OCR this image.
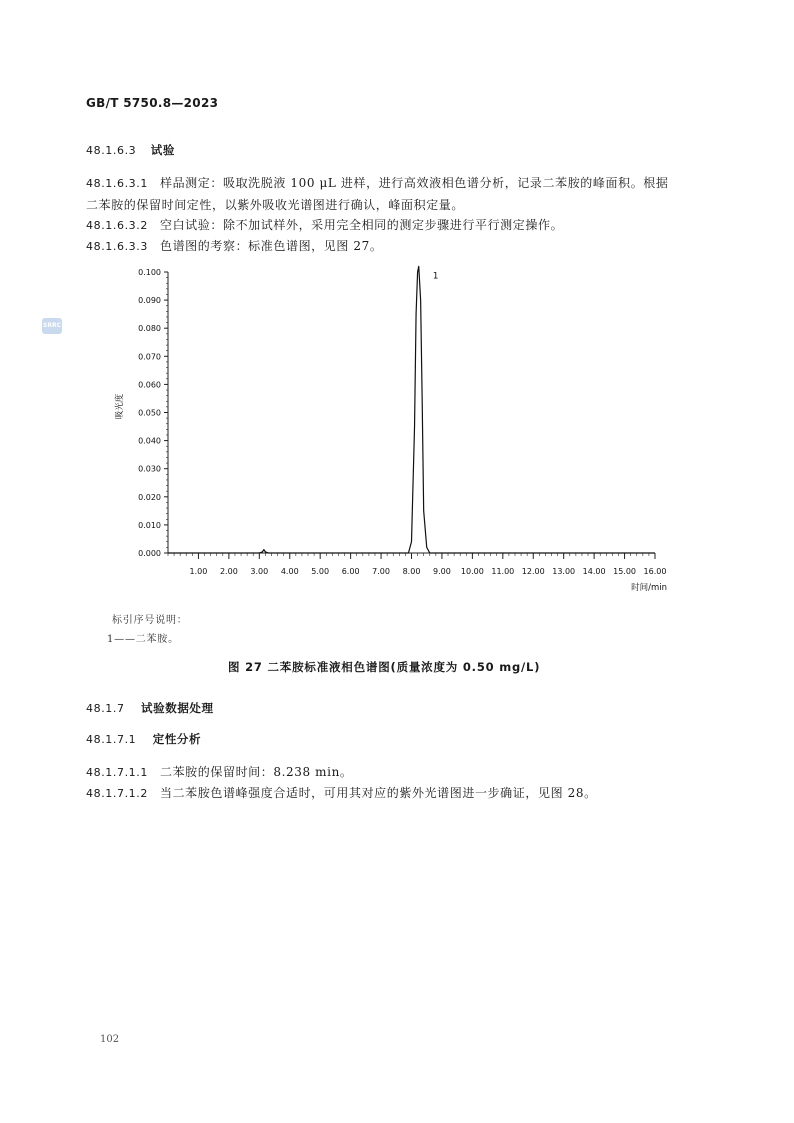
GB/T 5750.8—2023
SRRC
48.1.6.3 试验
48.1.6.3.1 样品测定：吸取洗脱液 100 μL 进样，进行高效液相色谱分析，记录二苯胺的峰面积。根据
二苯胺的保留时间定性，以紫外吸收光谱图进行确认，峰面积定量。
48.1.6.3.2 空白试验：除不加试样外，采用完全相同的测定步骤进行平行测定操作。
48.1.6.3.3 色谱图的考察：标准色谱图，见图 27。
0.000
0.010
0.020
0.030
0.040
0.050
0.060
0.070
0.080
0.090
0.100
1.00 2.00 3.00 4.00 5.00 6.00 7.00 8.00 9.00 10.00 11.00 12.00 13.00 14.00 15.00 16.00
时间/min
吸光度
1
标引序号说明：
1——二苯胺。
图 27 二苯胺标准液相色谱图(质量浓度为 0.50 mg/L)
48.1.7 试验数据处理
48.1.7.1 定性分析
48.1.7.1.1 二苯胺的保留时间：8.238 min。
48.1.7.1.2 当二苯胺色谱峰强度合适时，可用其对应的紫外光谱图进一步确证，见图 28。
102
